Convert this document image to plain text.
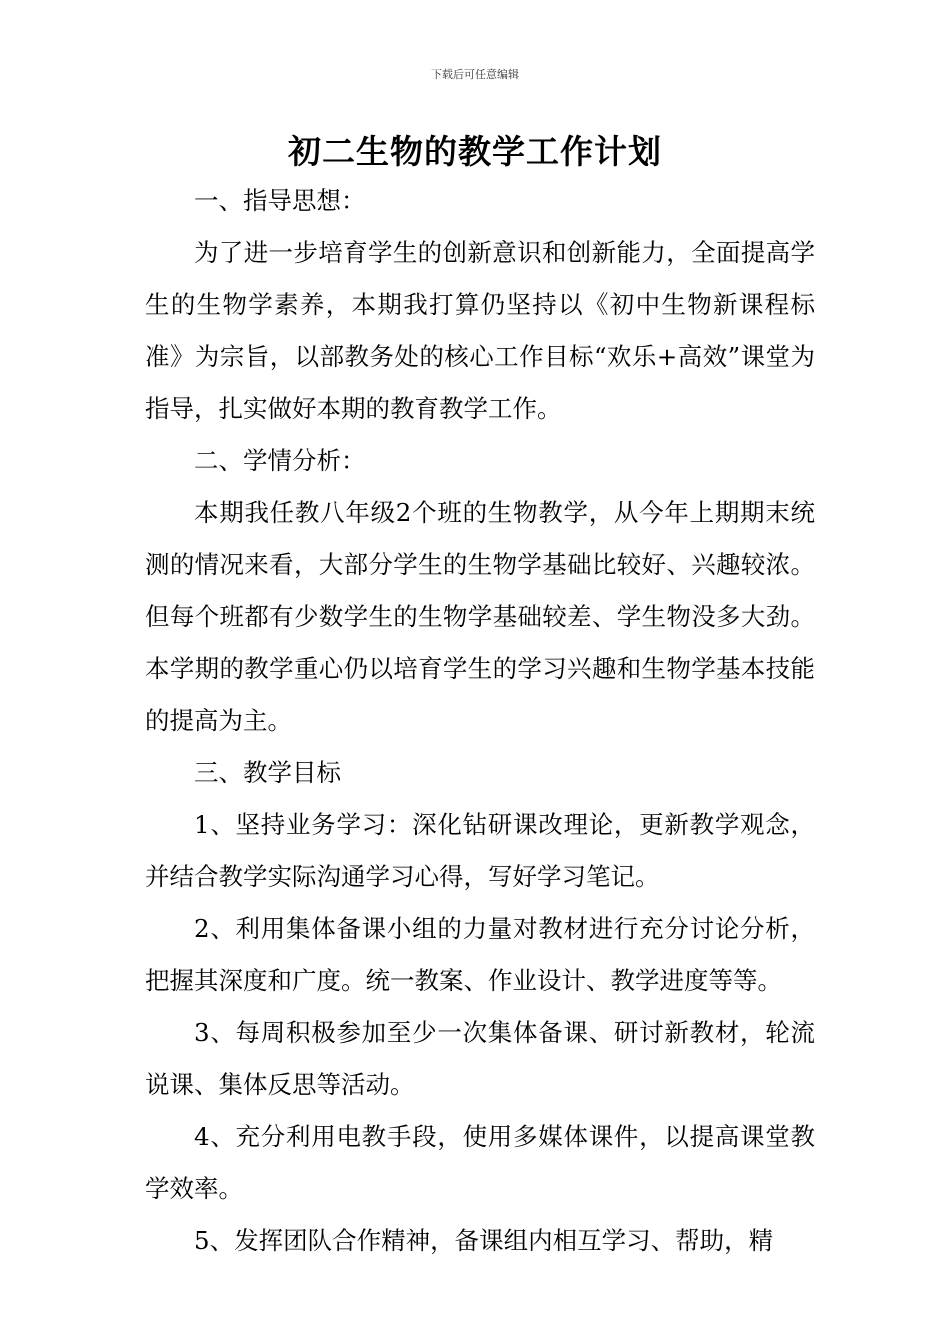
下载后可任意编辑
初二生物的教学工作计划

一、指导思想：

为了进一步培育学生的创新意识和创新能力，全面提高学生的生物学素养，本期我打算仍坚持以《初中生物新课程标准》为宗旨，以部教务处的核心工作目标“欢乐+高效”课堂为指导，扎实做好本期的教育教学工作。

二、学情分析：

本期我任教八年级2个班的生物教学，从今年上期期末统测的情况来看，大部分学生的生物学基础比较好、兴趣较浓。但每个班都有少数学生的生物学基础较差、学生物没多大劲。本学期的教学重心仍以培育学生的学习兴趣和生物学基本技能的提高为主。

三、教学目标

1、坚持业务学习：深化钻研课改理论，更新教学观念，并结合教学实际沟通学习心得，写好学习笔记。

2、利用集体备课小组的力量对教材进行充分讨论分析，把握其深度和广度。统一教案、作业设计、教学进度等等。

3、每周积极参加至少一次集体备课、研讨新教材，轮流说课、集体反思等活动。

4、充分利用电教手段，使用多媒体课件，以提高课堂教学效率。

5、发挥团队合作精神，备课组内相互学习、帮助，精
